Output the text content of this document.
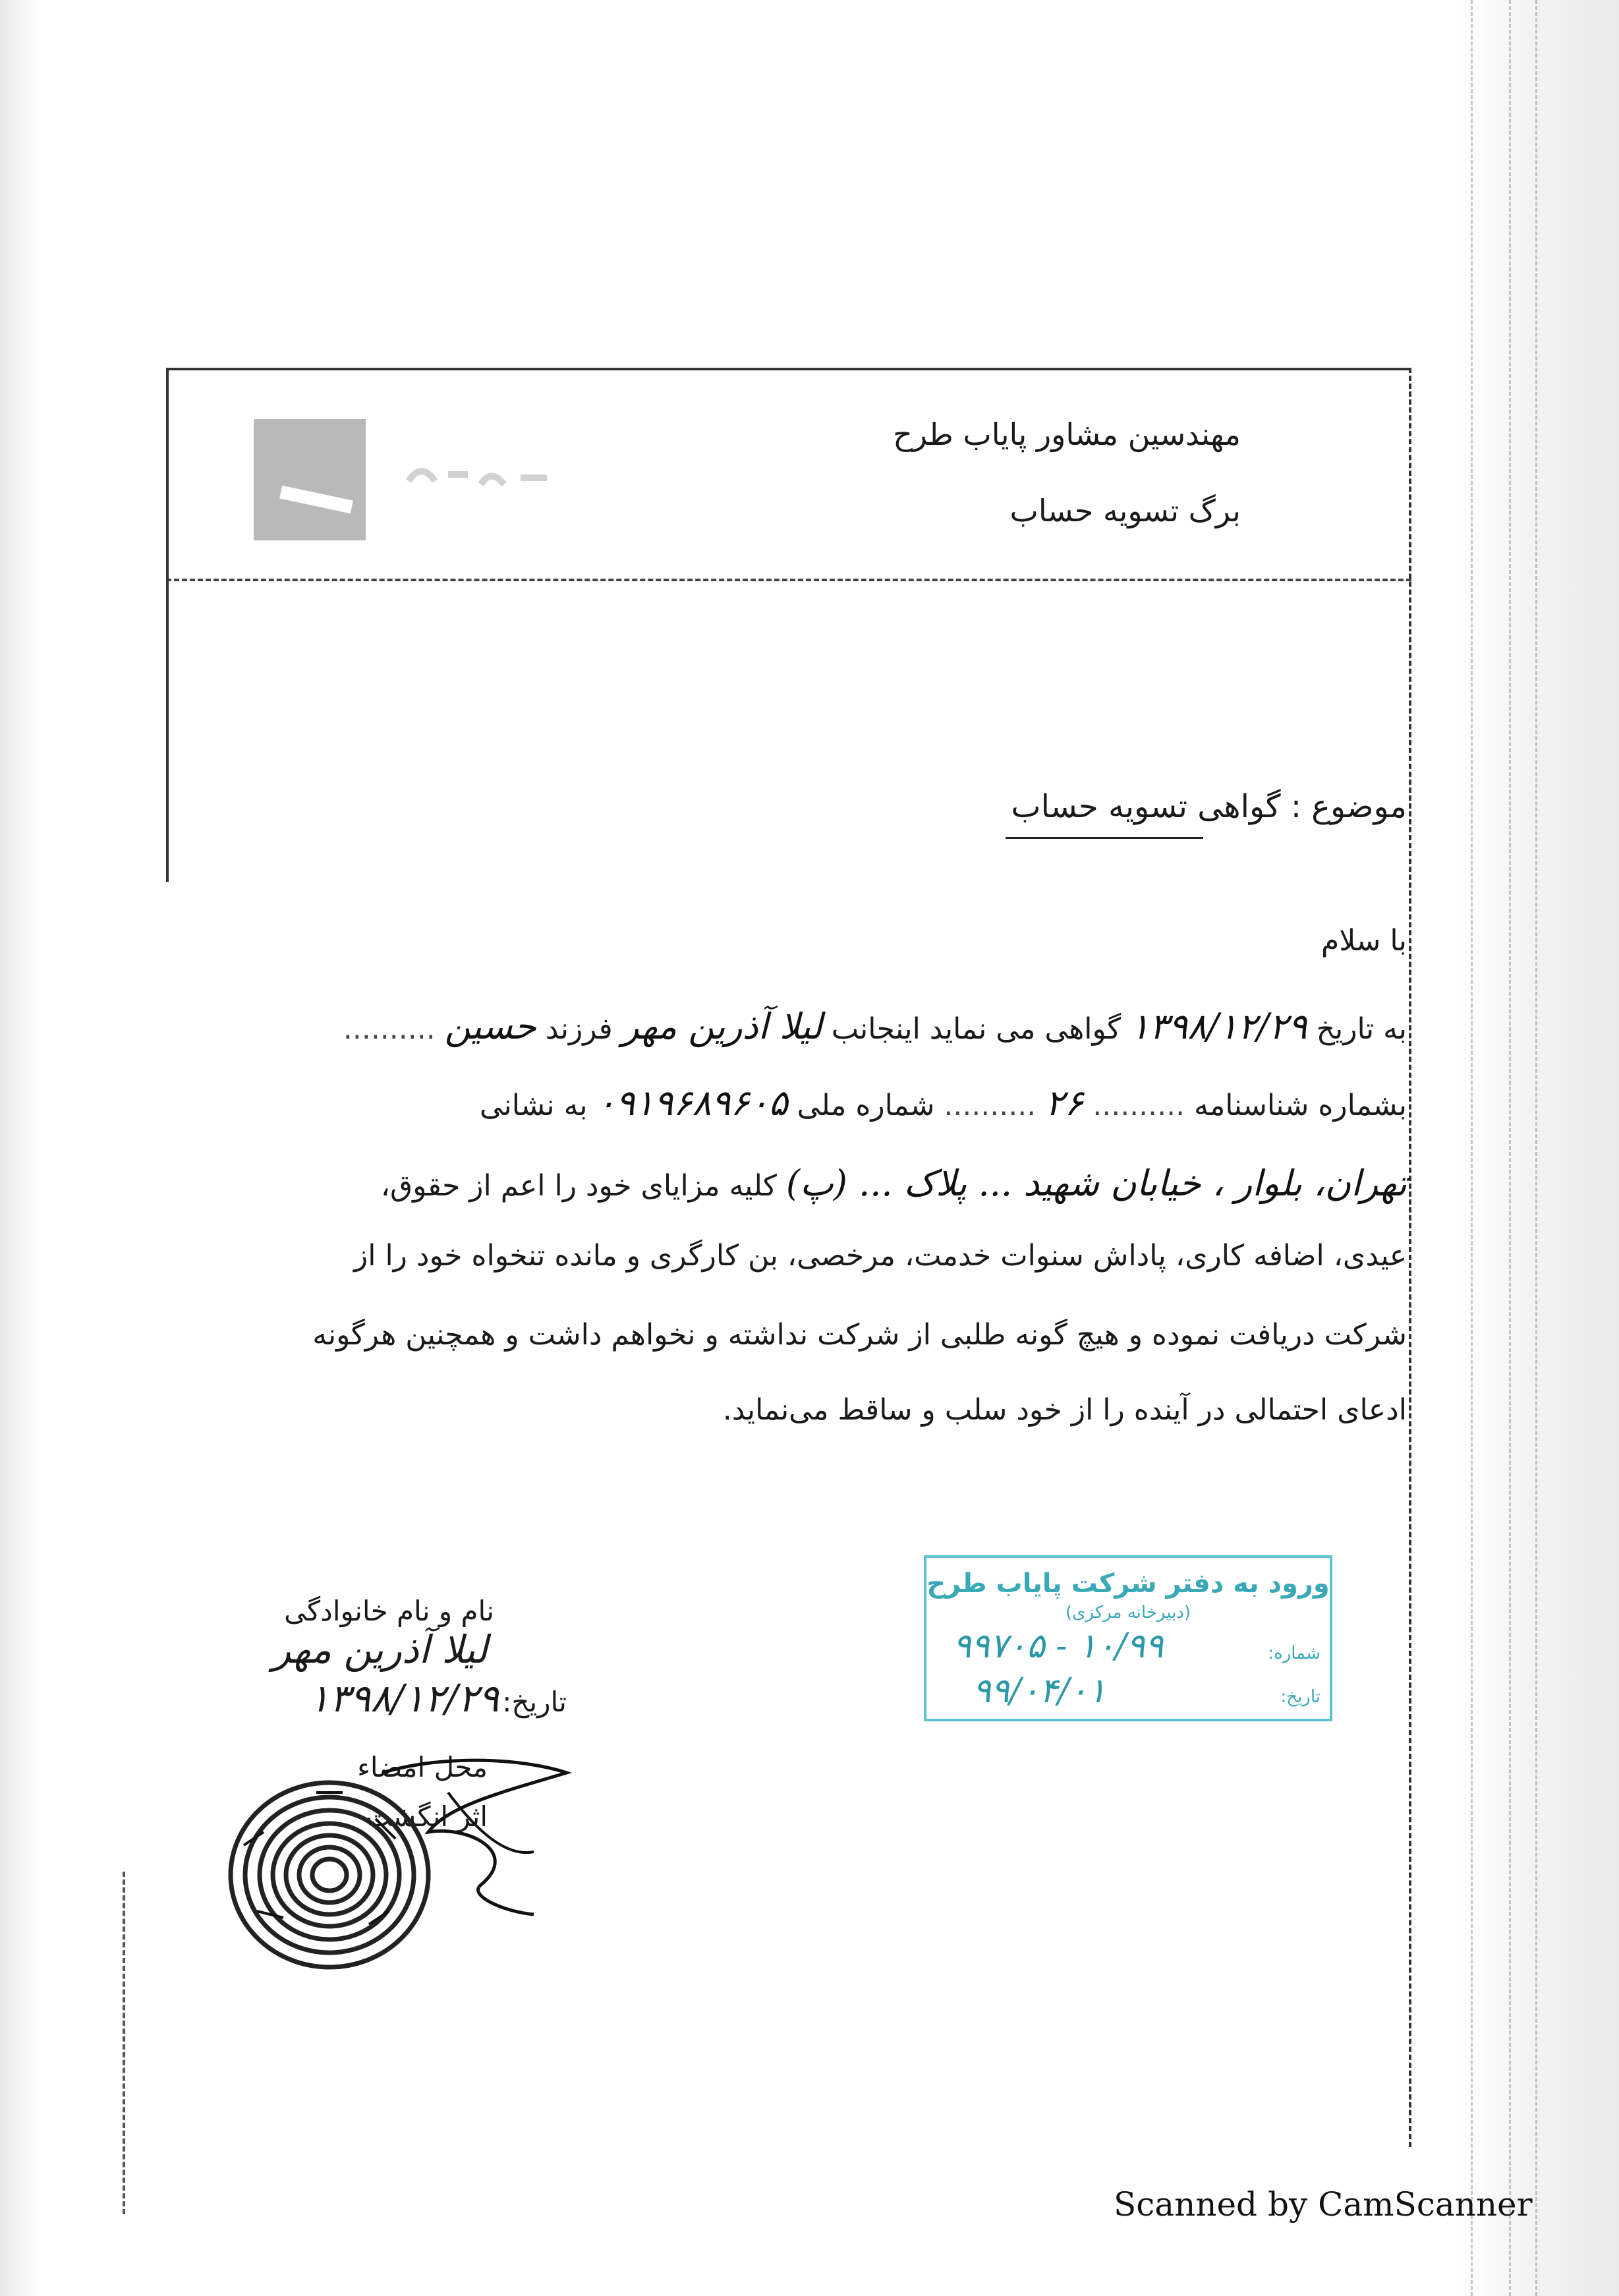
مهندسین مشاور پایاب طرح
برگ تسویه حساب
موضوع : گواهی تسویه حساب
با سلام
به تاریخ ۱۳۹۸/۱۲/۲۹ گواهی می نماید اینجانب لیلا آذرین مهر فرزند حسین ..........
بشماره شناسنامه .......... ۲۶ .......... شماره ملی ۰۹۱۹۶۸۹۶۰۵ به نشانی
تهران، بلوار ، خیابان شهید ... پلاک ... (پ) کلیه مزایای خود را اعم از حقوق،
عیدی، اضافه کاری، پاداش سنوات خدمت، مرخصی، بن کارگری و مانده تنخواه خود را از
شرکت دریافت نموده و هیچ گونه طلبی از شرکت نداشته و نخواهم داشت و همچنین هرگونه
ادعای احتمالی در آینده را از خود سلب و ساقط می‌نماید.
ورود به دفتر شرکت پایاب طرح
(دبیرخانه مرکزی)
شماره:
۱۰/۹۹ - ۹۹۷۰۵
تاریخ:
۹۹/۰۴/۰۱
نام و نام خانوادگی
لیلا آذرین مهر
تاریخ: ۱۳۹۸/۱۲/۲۹
محل امضاء
اثر انگشت
Scanned by CamScanner
